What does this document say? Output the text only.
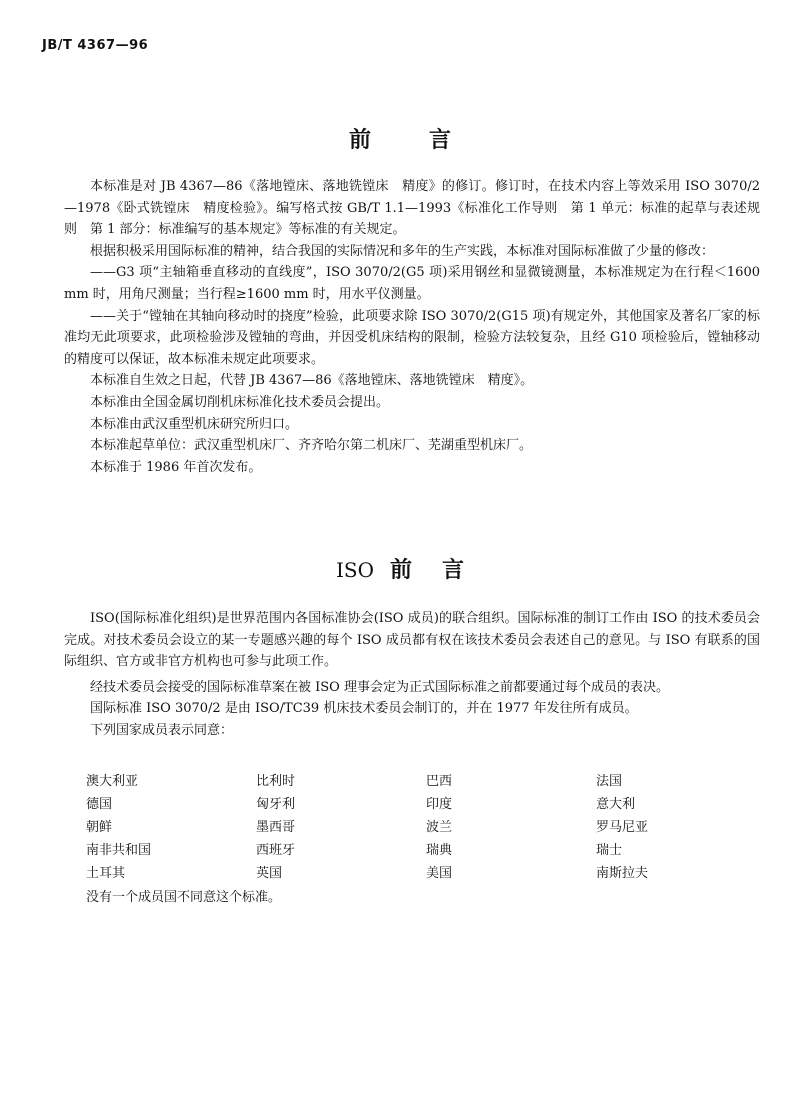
JB/T 4367—96
前	言

本标准是对 JB 4367—86《落地镗床、落地铣镗床　精度》的修订。修订时，在技术内容上等效采用 ISO 3070/2—1978《卧式铣镗床　精度检验》。编写格式按 GB/T 1.1—1993《标准化工作导则　第 1 单元：标准的起草与表述规则　第 1 部分：标准编写的基本规定》等标准的有关规定。

根据积极采用国际标准的精神，结合我国的实际情况和多年的生产实践，本标准对国际标准做了少量的修改：

——G3 项“主轴箱垂直移动的直线度”，ISO 3070/2(G5 项)采用钢丝和显微镜测量，本标准规定为在行程＜1600 mm 时，用角尺测量；当行程≥1600 mm 时，用水平仪测量。

——关于“镗轴在其轴向移动时的挠度”检验，此项要求除 ISO 3070/2(G15 项)有规定外，其他国家及著名厂家的标准均无此项要求，此项检验涉及镗轴的弯曲，并因受机床结构的限制，检验方法较复杂，且经 G10 项检验后，镗轴移动的精度可以保证，故本标准未规定此项要求。

本标准自生效之日起，代替 JB 4367—86《落地镗床、落地铣镗床　精度》。

本标准由全国金属切削机床标准化技术委员会提出。

本标准由武汉重型机床研究所归口。

本标准起草单位：武汉重型机床厂、齐齐哈尔第二机床厂、芜湖重型机床厂。

本标准于 1986 年首次发布。

ISO 前 言

ISO(国际标准化组织)是世界范围内各国标准协会(ISO 成员)的联合组织。国际标准的制订工作由 ISO 的技术委员会完成。对技术委员会设立的某一专题感兴趣的每个 ISO 成员都有权在该技术委员会表述自己的意见。与 ISO 有联系的国际组织、官方或非官方机构也可参与此项工作。

经技术委员会接受的国际标准草案在被 ISO 理事会定为正式国际标准之前都要通过每个成员的表决。

国际标准 ISO 3070/2 是由 ISO/TC39 机床技术委员会制订的，并在 1977 年发往所有成员。

下列国家成员表示同意：

澳大利亚	比利时	巴西	法国
德国	匈牙利	印度	意大利
朝鲜	墨西哥	波兰	罗马尼亚
南非共和国	西班牙	瑞典	瑞士
土耳其	英国	美国	南斯拉夫
没有一个成员国不同意这个标准。
